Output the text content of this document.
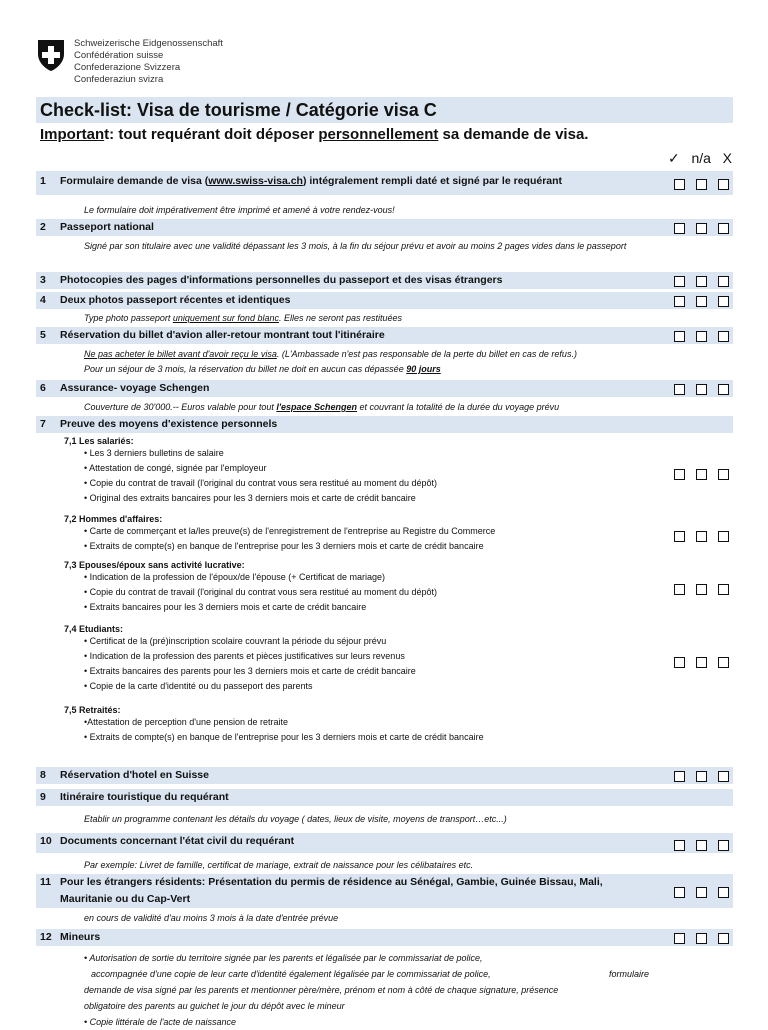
Schweizerische Eidgenossenschaft
Confédération suisse
Confederazione Svizzera
Confederaziun svizra
Check-list: Visa de tourisme / Catégorie visa C
Important: tout requérant doit déposer personnellement sa demande de visa.
✓ n/a X
1 Formulaire demande de visa (www.swiss-visa.ch) intégralement rempli daté et signé par le requérant
Le formulaire doit impérativement être imprimé et amené à votre rendez-vous!
2 Passeport national
Signé par son titulaire avec une validité dépassant les 3 mois, à la fin du séjour prévu et avoir au moins 2 pages vides dans le passeport
3 Photocopies des pages d'informations personnelles du passeport et des visas étrangers
4 Deux photos passeport récentes et identiques
Type photo passeport uniquement sur fond blanc. Elles ne seront pas restituées
5 Réservation du billet d'avion aller-retour montrant tout l'itinéraire
Ne pas acheter le billet avant d'avoir reçu le visa. (L'Ambassade n'est pas responsable de la perte du billet en cas de refus.)
Pour un séjour de 3 mois, la réservation du billet ne doit en aucun cas dépassée 90 jours
6 Assurance- voyage Schengen
Couverture de 30'000.-- Euros valable pour tout l'espace Schengen et couvrant la totalité de la durée du voyage prévu
7 Preuve des moyens d'existence personnels
7,1 Les salariés:
• Les 3 derniers bulletins de salaire
• Attestation de congé, signée par l'employeur
• Copie du contrat de travail (l'original du contrat vous sera restitué au moment du dépôt)
• Original des extraits bancaires pour les 3 derniers mois et carte de crédit bancaire
7,2 Hommes d'affaires:
• Carte de commerçant et la/les preuve(s) de l'enregistrement de l'entreprise au Registre du Commerce
• Extraits de compte(s) en banque de l'entreprise pour les 3 derniers mois et carte de crédit bancaire
7,3 Epouses/époux sans activité lucrative:
• Indication de la profession de l'époux/de l'épouse (+ Certificat de mariage)
• Copie du contrat de travail (l'original du contrat vous sera restitué au moment du dépôt)
• Extraits bancaires pour les 3 derniers mois et carte de crédit bancaire
7,4 Etudiants:
• Certificat de la (pré)inscription scolaire couvrant la période du séjour prévu
• Indication de la profession des parents et pièces justificatives sur leurs revenus
• Extraits bancaires des parents pour les 3 derniers mois et carte de crédit bancaire
• Copie de la carte d'identité ou du passeport des parents
7,5 Retraités:
•Attestation de perception d'une pension de retraite
• Extraits de compte(s) en banque de l'entreprise pour les 3 derniers mois et carte de crédit bancaire
8 Réservation d'hotel en Suisse
9 Itinéraire touristique du requérant
Etablir un programme contenant les détails du voyage ( dates, lieux de visite, moyens de transport…etc...)
10 Documents concernant l'état civil du requérant
Par exemple: Livret de famille, certificat de mariage, extrait de naissance pour les célibataires etc.
11 Pour les étrangers résidents: Présentation du permis de résidence au Sénégal, Gambie, Guinée Bissau, Mali,
Mauritanie ou du Cap-Vert
en cours de validité d'au moins 3 mois à la date d'entrée prévue
12 Mineurs
• Autorisation de sortie du territoire signée par les parents et légalisée par le commissariat de police,
accompagnée d'une copie de leur carte d'identité également légalisée par le commissariat de police,	formulaire
demande de visa signé par les parents et mentionner père/mère, prénom et nom à côté de chaque signature, présence
obligatoire des parents au guichet le jour du dépôt avec le mineur
• Copie littérale de l'acte de naissance
